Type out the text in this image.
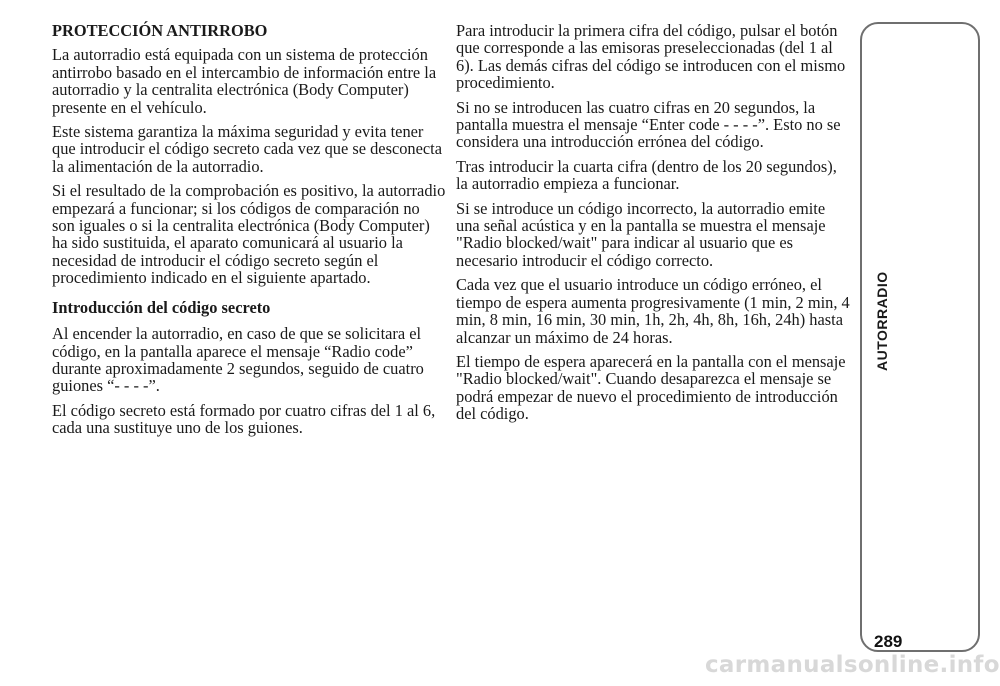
PROTECCIÓN ANTIRROBO

La autorradio está equipada con un sistema de protección antirrobo basado en el intercambio de información entre la autorradio y la centralita electrónica (Body Computer) presente en el vehículo.

Este sistema garantiza la máxima seguridad y evita tener que introducir el código secreto cada vez que se desconecta la alimentación de la autorradio.

Si el resultado de la comprobación es positivo, la autorradio empezará a funcionar; si los códigos de comparación no son iguales o si la centralita electrónica (Body Computer) ha sido sustituida, el aparato comunicará al usuario la necesidad de introducir el código secreto según el procedimiento indicado en el siguiente apartado.

Introducción del código secreto

Al encender la autorradio, en caso de que se solicitara el código, en la pantalla aparece el mensaje “Radio code” durante aproximadamente 2 segundos, seguido de cuatro guiones “- - - -”.

El código secreto está formado por cuatro cifras del 1 al 6, cada una sustituye uno de los guiones.

Para introducir la primera cifra del código, pulsar el botón que corresponde a las emisoras preseleccionadas (del 1 al 6). Las demás cifras del código se introducen con el mismo procedimiento.

Si no se introducen las cuatro cifras en 20 segundos, la pantalla muestra el mensaje “Enter code - - - -”. Esto no se considera una introducción errónea del código.

Tras introducir la cuarta cifra (dentro de los 20 segundos), la autorradio empieza a funcionar.

Si se introduce un código incorrecto, la autorradio emite una señal acústica y en la pantalla se muestra el mensaje "Radio blocked/wait" para indicar al usuario que es necesario introducir el código correcto.

Cada vez que el usuario introduce un código erróneo, el tiempo de espera aumenta progresivamente (1 min, 2 min, 4 min, 8 min, 16 min, 30 min, 1h, 2h, 4h, 8h, 16h, 24h) hasta alcanzar un máximo de 24 horas.

El tiempo de espera aparecerá en la pantalla con el mensaje "Radio blocked/wait". Cuando desaparezca el mensaje se podrá empezar de nuevo el procedimiento de introducción del código.

AUTORRADIO
289
carmanualsonline.info
